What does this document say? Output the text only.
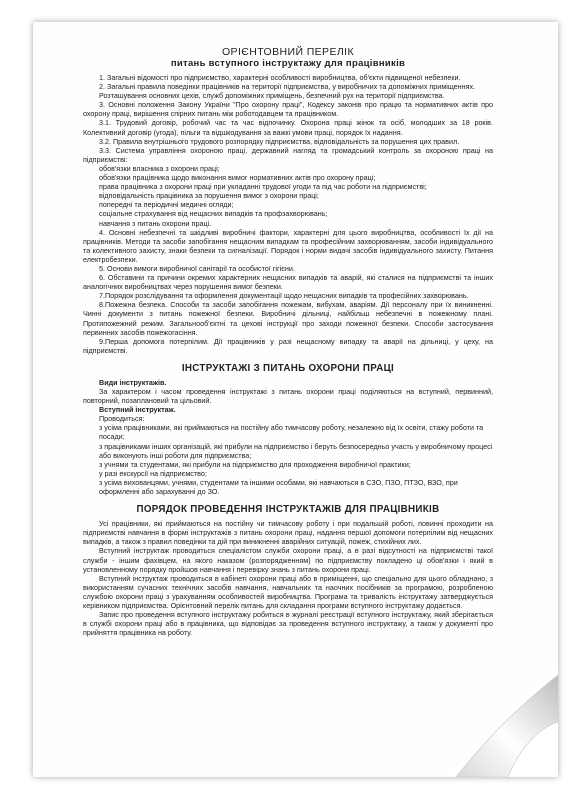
ОРІЄНТОВНИЙ ПЕРЕЛІК
питань вступного інструктажу для працівників

1. Загальні відомості про підприємство, характерні особливості виробництва, об'єкти підвищеної небезпеки.

2. Загальні правила поведінки працівників на території підприємства, у виробничих та допоміжних приміщеннях.

Розташування основних цехів, служб допоміжних приміщень, безпечний рух на території підприємства.

3. Основні положення Закону України "Про охорону праці", Кодексу законів про працю та нормативних актів про охорону праці, вирішення спірних питань між роботодавцем та працівником.

3.1. Трудовий договір, робочий час та час відпочинку. Охорона праці жінок та осіб, молодших за 18 років. Колективний договір (угода), пільги та відшкодування за важкі умови праці, порядок їх надання.

3.2. Правила внутрішнього трудового розпорядку підприємства, відповідальність за порушення цих правил.

3.3. Система управління охороною праці, державний нагляд та громадський контроль за охороною праці на підприємстві:

обов'язки власника з охорони праці;

обов'язки працівника щодо виконання вимог нормативних актів про охорону праці;

права працівника з охорони праці при укладанні трудової угоди та під час роботи на підприємстві;

відповідальність працівника за порушення вимог з охорони праці;

попередні та періодичні медичні огляди;

соціальне страхування від нещасних випадків та профзахворювань;

навчання з питань охорони праці.

4. Основні небезпечні та шкідливі виробничі фактори, характерні для цього виробництва, особливості їх дії на працівників. Методи та засоби запобігання нещасним випадкам та професійним захворюванням, засоби індивідуального та колективного захисту, знаки безпеки та сигналізації. Порядок і норми видачі засобів індивідуального захисту. Питання електробезпеки.

5. Основи вимоги виробничої санітарії та особистої гігієни.

6. Обставини та причини окремих характерних нещасних випадків та аварій, які сталися на підприємстві та інших аналогічних виробництвах через порушення вимог безпеки.

7.Порядок розслідування та оформлення документації щодо нещасних випадків та професійних захворювань.

8.Пожежна безпека. Способи та засоби запобігання пожежам, вибухам, аваріям. Дії персоналу при їх виникненні. Чинні документи з питань пожежної безпеки. Виробничі дільниці, найбільш небезпечні в пожежному плані. Протипожежний режим. Загальнооб'єктні та цехові інструкції про заходи пожежної безпеки. Способи застосування первинних засобів пожежогасіння.

9.Перша допомога потерпілим. Дії працівників у разі нещасному випадку та аварії на дільниці, у цеху, на підприємстві.

ІНСТРУКТАЖІ З ПИТАНЬ ОХОРОНИ ПРАЦІ

Види інструктажів.

За характером і часом проведення інструктажі з питань охорони праці поділяються на вступний, первинний, повторний, позаплановий та цільовий.

Вступний інструктаж.

Проводиться:

з усіма працівниками, які приймаються на постійну або тимчасову роботу, незалежно від їх освіти, стажу роботи та посади;

з працівниками інших організацій, які прибули на підприємство і беруть безпосередньо участь у виробничому процесі або виконують інші роботи для підприємства;

з учнями та студентами, які прибули на підприємство для проходження виробничої практики;

у разі екскурсії на підприємство;

з усіма вихованцями, учнями, студентами та іншими особами, які навчаються в СЗО, ПЗО, ПТЗО, ВЗО, при оформленні або зарахуванні до ЗО.

ПОРЯДОК ПРОВЕДЕННЯ ІНСТРУКТАЖІВ ДЛЯ ПРАЦІВНИКІВ

Усі працівники, які приймаються на постійну чи тимчасову роботу і при подальшій роботі, повинні проходити на підприємстві навчання в формі інструктажів з питань охорони праці, надання першої допомоги потерпілим від нещасних випадків, а також з правил поведінки та дій при виникненні аварійних ситуацій, пожеж, стихійних лих.

Вступний інструктаж проводиться спеціалістом служби охорони праці, а в разі відсутності на підприємстві такої служби - іншим фахівцем, на якого наказом (розпорядженням) по підприємству покладено ці обов'язки і який в установленному порядку пройшов навчання і перевірку знань з питань охорони праці.

Вступний інструктаж проводиться в кабінеті охорони праці або в приміщенні, що спеціально для цього обладнано, з використанням сучасних технічних засобів навчання, навчальних та наочних посібників за програмою, розробленою службою охорони праці з урахуванням особливостей виробництва. Програма та тривалість інструктажу затверджується керівником підприємства. Орієнтовний перелік питань для складання програми вступного інструктажу додається.

Запис про проведення вступного інструктажу робиться в журналі реєстрації вступного інструктажу, який зберігається в службі охорони праці або в працівника, що відповідає за проведення вступного інструктажу, а також у документі про прийняття працівника на роботу.
